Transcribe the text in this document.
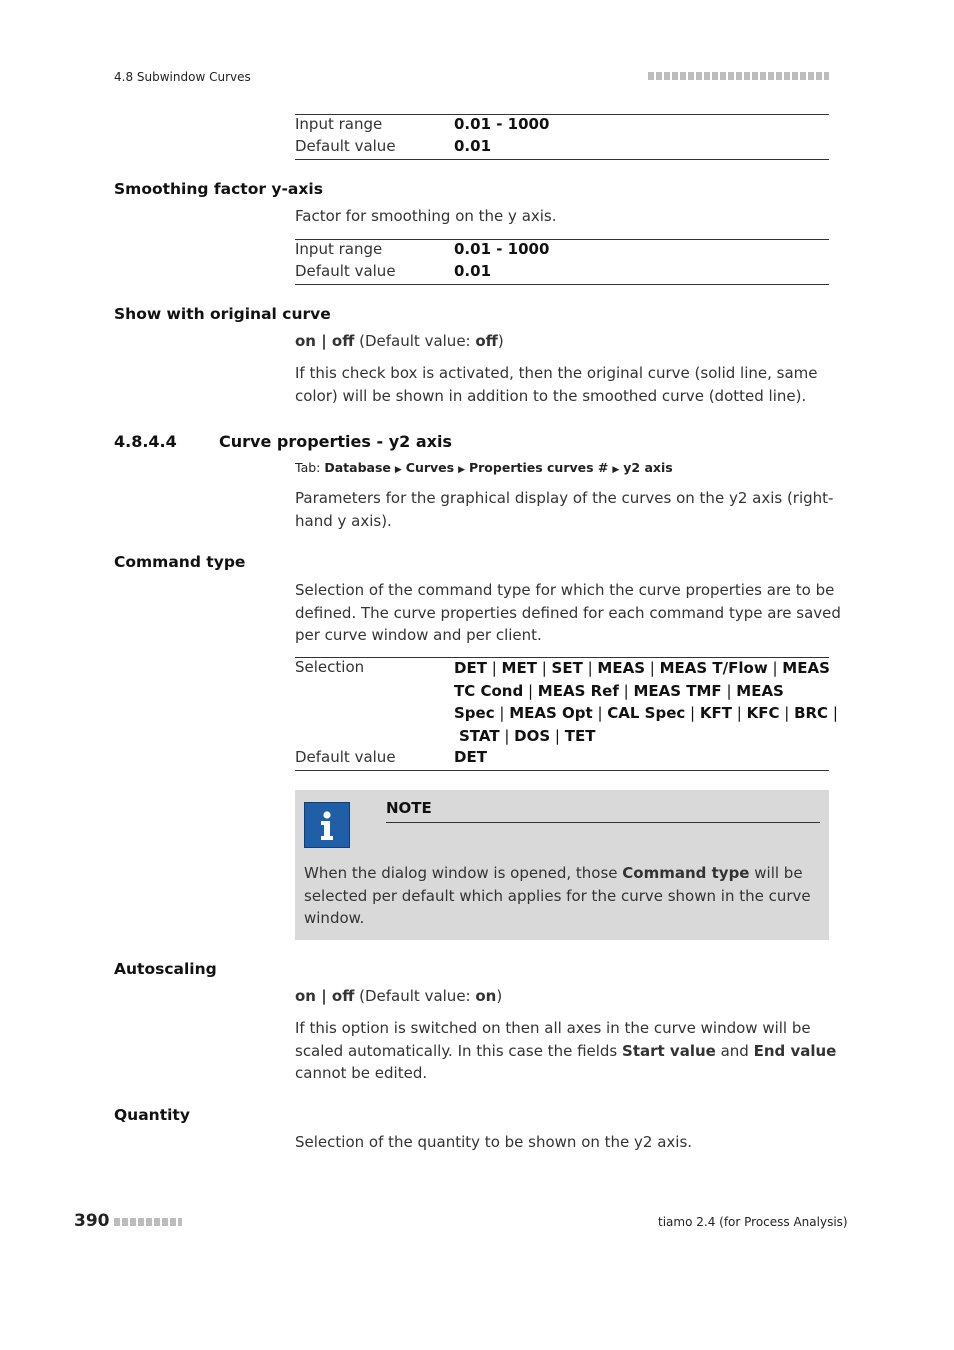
4.8 Subwindow Curves
Input range	0.01 - 1000
Default value	0.01
Smoothing factor y-axis
Factor for smoothing on the y axis.
Input range	0.01 - 1000
Default value	0.01
Show with original curve
on | off (Default value: off)
If this check box is activated, then the original curve (solid line, same
color) will be shown in addition to the smoothed curve (dotted line).
4.8.4.4	Curve properties - y2 axis
Tab: Database ▶ Curves ▶ Properties curves # ▶ y2 axis
Parameters for the graphical display of the curves on the y2 axis (right-
hand y axis).
Command type
Selection of the command type for which the curve properties are to be
defined. The curve properties defined for each command type are saved
per curve window and per client.
Selection	DET | MET | SET | MEAS | MEAS T/Flow | MEAS
TC Cond | MEAS Ref | MEAS TMF | MEAS
Spec | MEAS Opt | CAL Spec | KFT | KFC | BRC |
STAT | DOS | TET
Default value	DET
NOTE
When the dialog window is opened, those Command type will be
selected per default which applies for the curve shown in the curve
window.
Autoscaling
on | off (Default value: on)
If this option is switched on then all axes in the curve window will be
scaled automatically. In this case the fields Start value and End value
cannot be edited.
Quantity
Selection of the quantity to be shown on the y2 axis.
390	tiamo 2.4 (for Process Analysis)
